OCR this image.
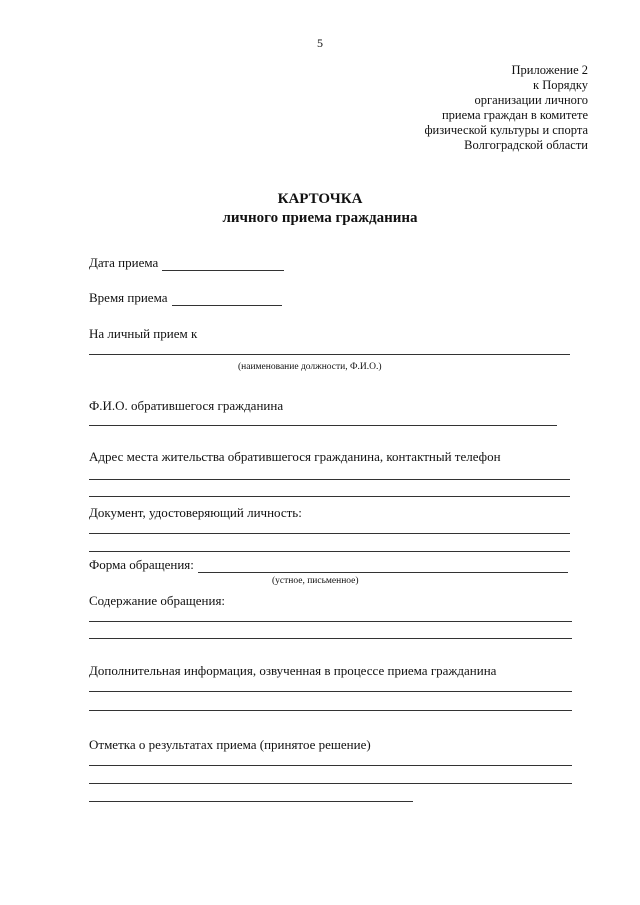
5
Приложение 2
к Порядку
организации личного
приема граждан в комитете
физической культуры и спорта
Волгоградской области
КАРТОЧКА
личного приема гражданина
Дата приема
Время приема
На личный прием к
(наименование должности, Ф.И.О.)
Ф.И.О. обратившегося гражданина
Адрес места жительства обратившегося гражданина, контактный телефон
Документ, удостоверяющий личность:
Форма обращения:
(устное, письменное)
Содержание обращения:
Дополнительная информация, озвученная в процессе приема гражданина
Отметка о результатах приема (принятое решение)
